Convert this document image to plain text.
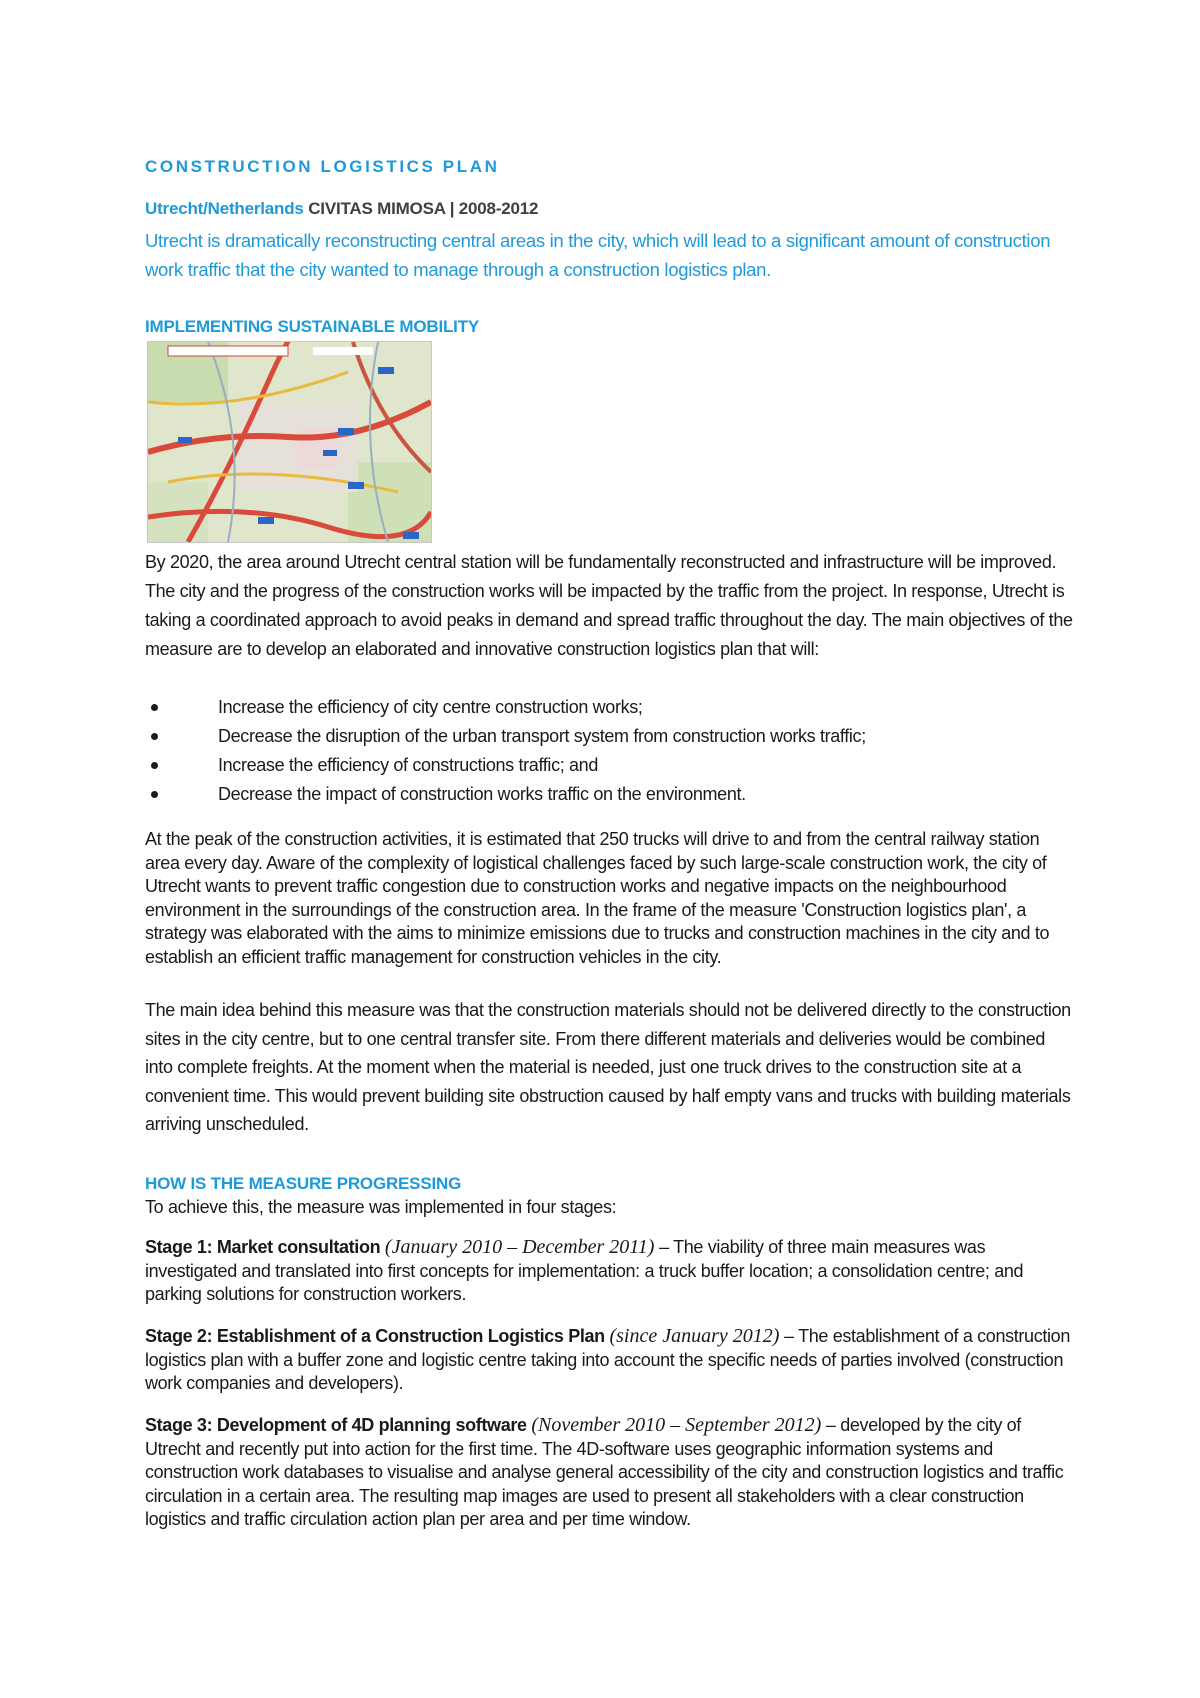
CONSTRUCTION LOGISTICS PLAN

Utrecht/Netherlands CIVITAS MIMOSA | 2008-2012

Utrecht is dramatically reconstructing central areas in the city, which will lead to a significant amount of construction work traffic that the city wanted to manage through a construction logistics plan.

IMPLEMENTING SUSTAINABLE MOBILITY

By 2020, the area around Utrecht central station will be fundamentally reconstructed and infrastructure will be improved. The city and the progress of the construction works will be impacted by the traffic from the project. In response, Utrecht is taking a coordinated approach to avoid peaks in demand and spread traffic throughout the day. The main objectives of the measure are to develop an elaborated and innovative construction logistics plan that will:

Increase the efficiency of city centre construction works;
Decrease the disruption of the urban transport system from construction works traffic;
Increase the efficiency of constructions traffic; and
Decrease the impact of construction works traffic on the environment.

At the peak of the construction activities, it is estimated that 250 trucks will drive to and from the central railway station area every day. Aware of the complexity of logistical challenges faced by such large-scale construction work, the city of Utrecht wants to prevent traffic congestion due to construction works and negative impacts on the neighbourhood environment in the surroundings of the construction area. In the frame of the measure 'Construction logistics plan', a strategy was elaborated with the aims to minimize emissions due to trucks and construction machines in the city and to establish an efficient traffic management for construction vehicles in the city.

The main idea behind this measure was that the construction materials should not be delivered directly to the construction sites in the city centre, but to one central transfer site. From there different materials and deliveries would be combined into complete freights. At the moment when the material is needed, just one truck drives to the construction site at a convenient time. This would prevent building site obstruction caused by half empty vans and trucks with building materials arriving unscheduled.

HOW IS THE MEASURE PROGRESSING

To achieve this, the measure was implemented in four stages:

Stage 1: Market consultation (January 2010 – December 2011) – The viability of three main measures was investigated and translated into first concepts for implementation: a truck buffer location; a consolidation centre; and parking solutions for construction workers.

Stage 2: Establishment of a Construction Logistics Plan (since January 2012) – The establishment of a construction logistics plan with a buffer zone and logistic centre taking into account the specific needs of parties involved (construction work companies and developers).

Stage 3: Development of 4D planning software (November 2010 – September 2012) – developed by the city of Utrecht and recently put into action for the first time. The 4D-software uses geographic information systems and construction work databases to visualise and analyse general accessibility of the city and construction logistics and traffic circulation in a certain area. The resulting map images are used to present all stakeholders with a clear construction logistics and traffic circulation action plan per area and per time window.
